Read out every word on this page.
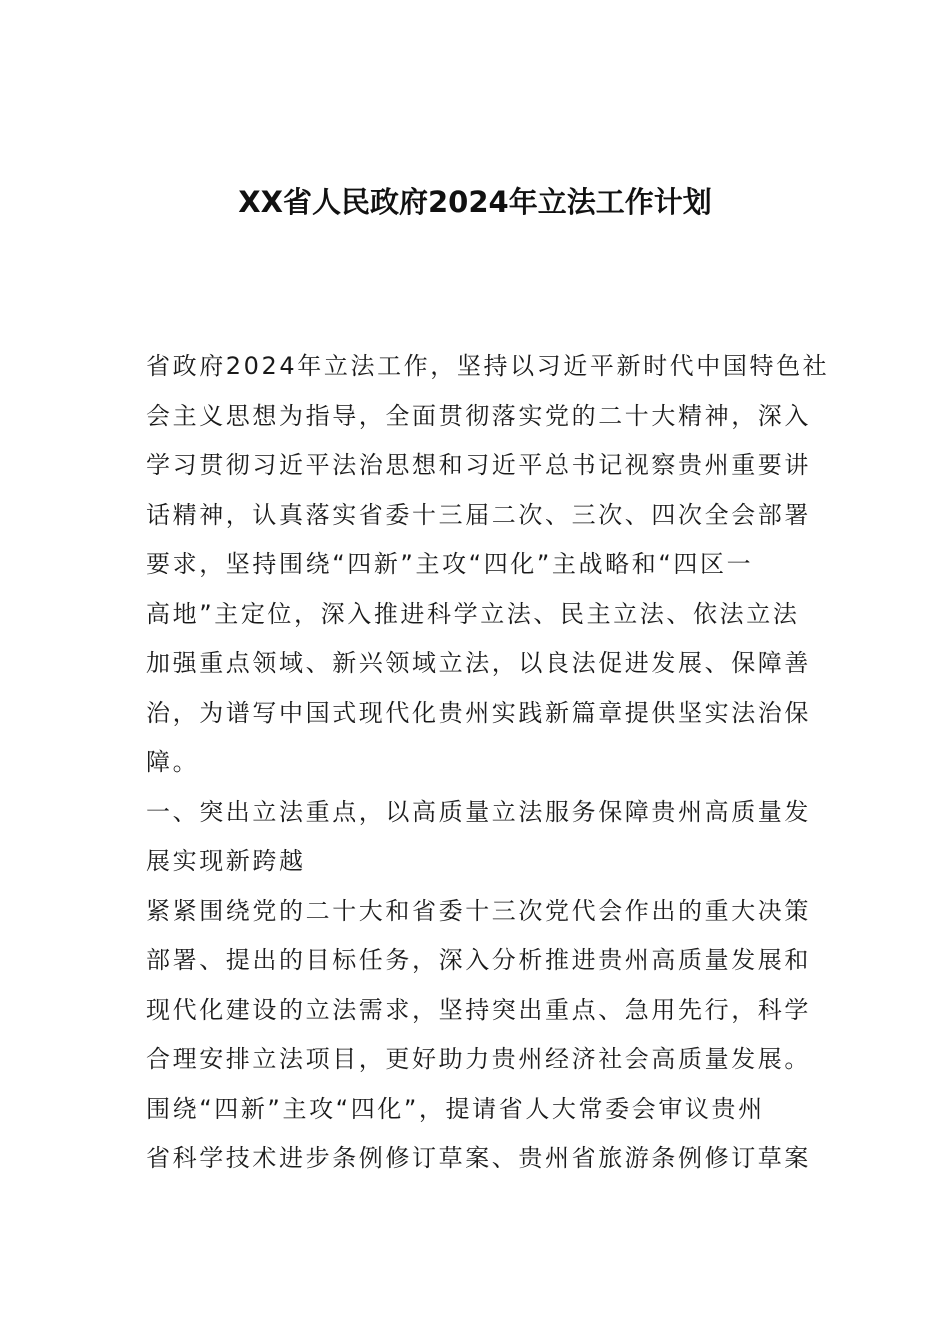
XX省人民政府2024年立法工作计划
省政府2024年立法工作，坚持以习近平新时代中国特色社
会主义思想为指导，全面贯彻落实党的二十大精神，深入
学习贯彻习近平法治思想和习近平总书记视察贵州重要讲
话精神，认真落实省委十三届二次、三次、四次全会部署
要求，坚持围绕“四新”主攻“四化”主战略和“四区一
高地”主定位，深入推进科学立法、民主立法、依法立法
加强重点领域、新兴领域立法，以良法促进发展、保障善
治，为谱写中国式现代化贵州实践新篇章提供坚实法治保
障。
一、突出立法重点，以高质量立法服务保障贵州高质量发
展实现新跨越
紧紧围绕党的二十大和省委十三次党代会作出的重大决策
部署、提出的目标任务，深入分析推进贵州高质量发展和
现代化建设的立法需求，坚持突出重点、急用先行，科学
合理安排立法项目，更好助力贵州经济社会高质量发展。
围绕“四新”主攻“四化”，提请省人大常委会审议贵州
省科学技术进步条例修订草案、贵州省旅游条例修订草案
